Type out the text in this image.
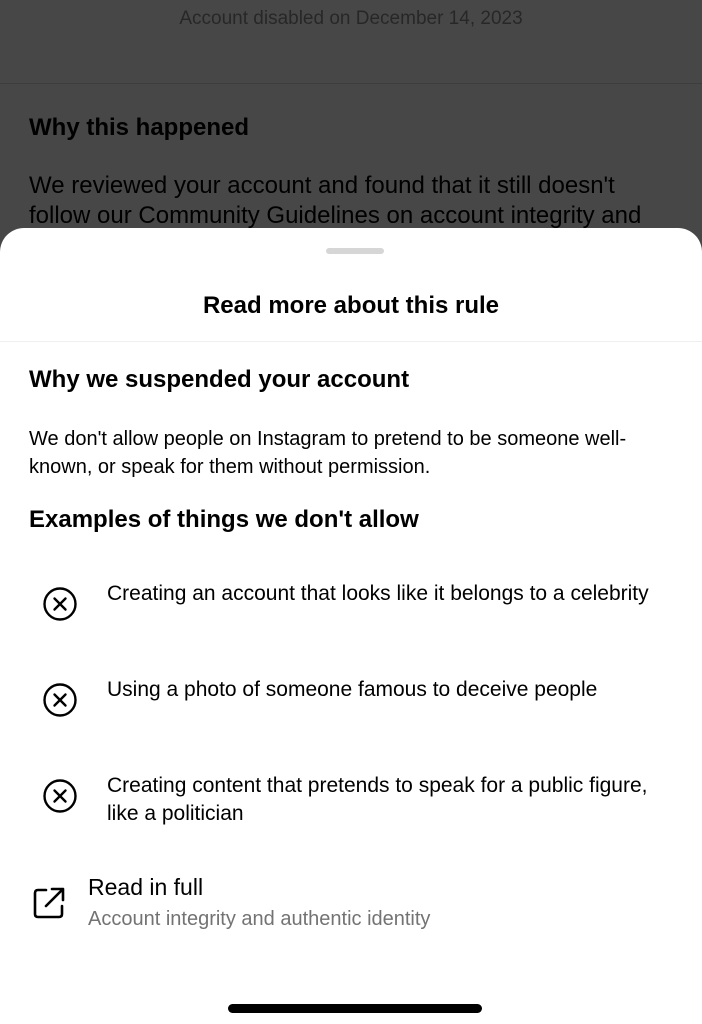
Read more about this rule
Why we suspended your account
We don't allow people on Instagram to pretend to be someone well-known, or speak for them without permission.
Examples of things we don't allow
Creating an account that looks like it belongs to a celebrity
Using a photo of someone famous to deceive people
Creating content that pretends to speak for a public figure, like a politician
Read in full
Account integrity and authentic identity
